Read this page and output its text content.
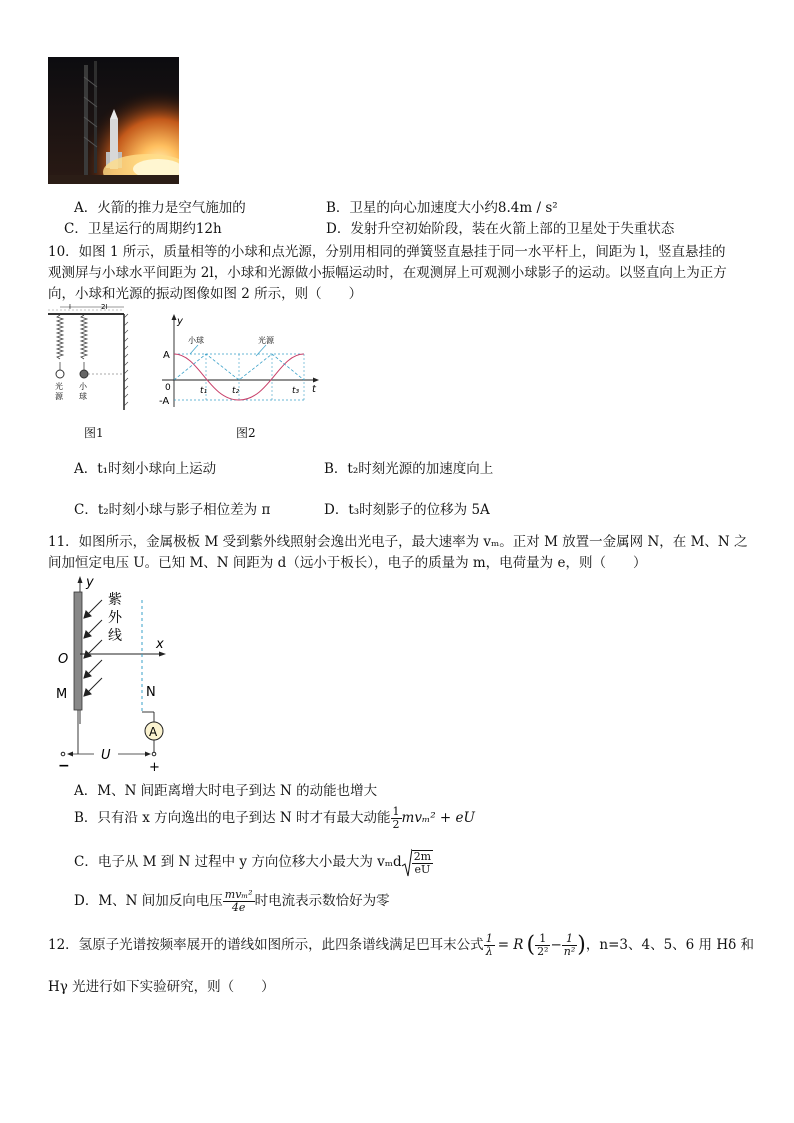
A．火箭的推力是空气施加的	B．卫星的向心加速度大小约8.4m / s²
C．卫星运行的周期约12h	D．发射升空初始阶段，装在火箭上部的卫星处于失重状态
10．如图 1 所示，质量相等的小球和点光源，分别用相同的弹簧竖直悬挂于同一水平杆上，间距为 l，竖直悬挂的
观测屏与小球水平间距为 2l，小球和光源做小振幅运动时，在观测屏上可观测小球影子的运动。以竖直向上为正方
向，小球和光源的振动图像如图 2 所示，则（　　）
l	2l
光源
小球
图1
y
t
A
-A
0	t₁	t₂	t₃
小球	光源
图2
A．t₁时刻小球向上运动	B．t₂时刻光源的加速度向上
C．t₂时刻小球与影子相位差为 π	D．t₃时刻影子的位移为 5A
11．如图所示，金属极板 M 受到紫外线照射会逸出光电子，最大速率为 vₘ。正对 M 放置一金属网 N，在 M、N 之
间加恒定电压 U。已知 M、N 间距为 d（远小于板长），电子的质量为 m，电荷量为 e，则（　　）
y
x
O
M
紫
外
线
N
A
U
−	+
A．M、N 间距离增大时电子到达 N 的动能也增大
B．只有沿 x 方向逸出的电子到达 N 时才有最大动能 $\frac{1}{2} mv_m^2$ + eU
C．电子从 M 到 N 过程中 y 方向位移大小最大为 vₘd $\frac{2m}{eU}$
D．M、N 间加反向电压 $\frac{\text{mvₘ²}}{4e}$ 时电流表示数恰好为零
12．氢原子光谱按频率展开的谱线如图所示，此四条谱线满足巴耳末公式 $\frac{1}{\lambda} = R$ ( $\frac{1}{\text{2²}} - \frac{1}{\text{n²}}$ )，n=3、4、5、6 用 Hδ 和
Hγ 光进行如下实验研究，则（　　）
